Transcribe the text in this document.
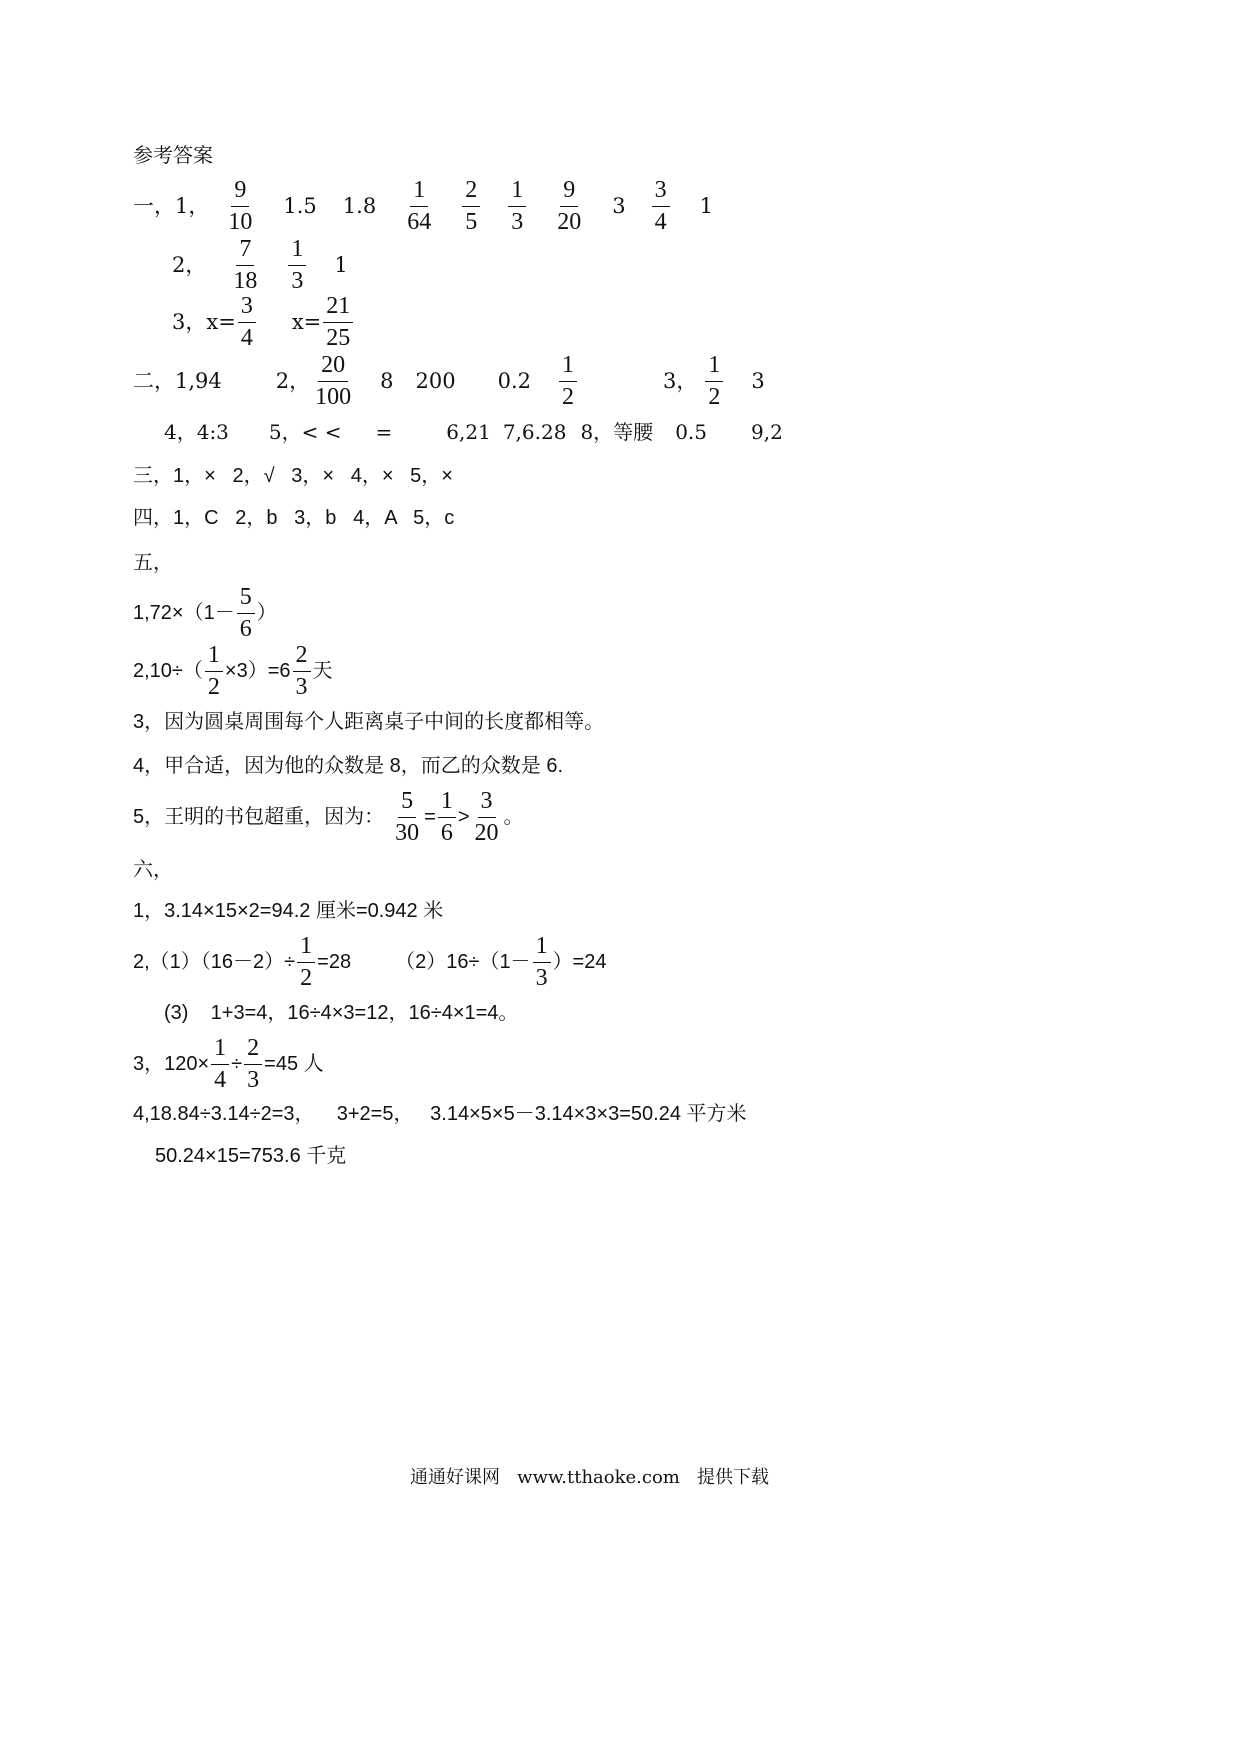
参考答案
一，1， $\frac{9}{10} 1.5$ $1.8 \frac{1}{64} \frac{2}{5} \frac{1}{3} \frac{9}{20} 3 \frac{3}{4} 1$
2， $\frac{7}{18} \frac{1}{3} 1$
3，$x= \frac{3}{4} x= \frac{21}{25}$
二，1,94	2， $\frac{20}{100} 8$ 200 $0.2 \frac{1}{2}$	3， $\frac{1}{2} 3$
4，4:3 5，< < =	6,21 7,6.28 8，等腰 0.5 9,2
三，1，×   2，√   3，×   4，×   5，×
四，1，C   2，b   3，b   4，A   5，c
五，
$1,72\times(1- \frac{5}{6}$ ）
$2,10\div( \frac{1}{2} \times 3)=6 \frac{2}{3}$ 天
3，因为圆桌周围每个人距离桌子中间的长度都相等。
4，甲合适，因为他的众数是 8，而乙的众数是 6.
5，王明的书包超重，因为： $\frac{5}{30} = \frac{1}{6} > \frac{3}{20}$ 。
六，
1，3.14×15×2=94.2 厘米=0.942 米
$2,(1)(16-2)\div \frac{1}{2} =28$ $(2)16\div(1- \frac{1}{3} )=24$
(3)    1+3=4，16÷4×3=12，16÷4×1=4。
3，$120\times \frac{1}{4} \div \frac{2}{3} =45$ 人
4,18.84÷3.14÷2=3，    3+2=5，   3.14×5×5－3.14×3×3=50.24 平方米
50.24×15=753.6 千克
通通好课网   www.tthaoke.com   提供下载
